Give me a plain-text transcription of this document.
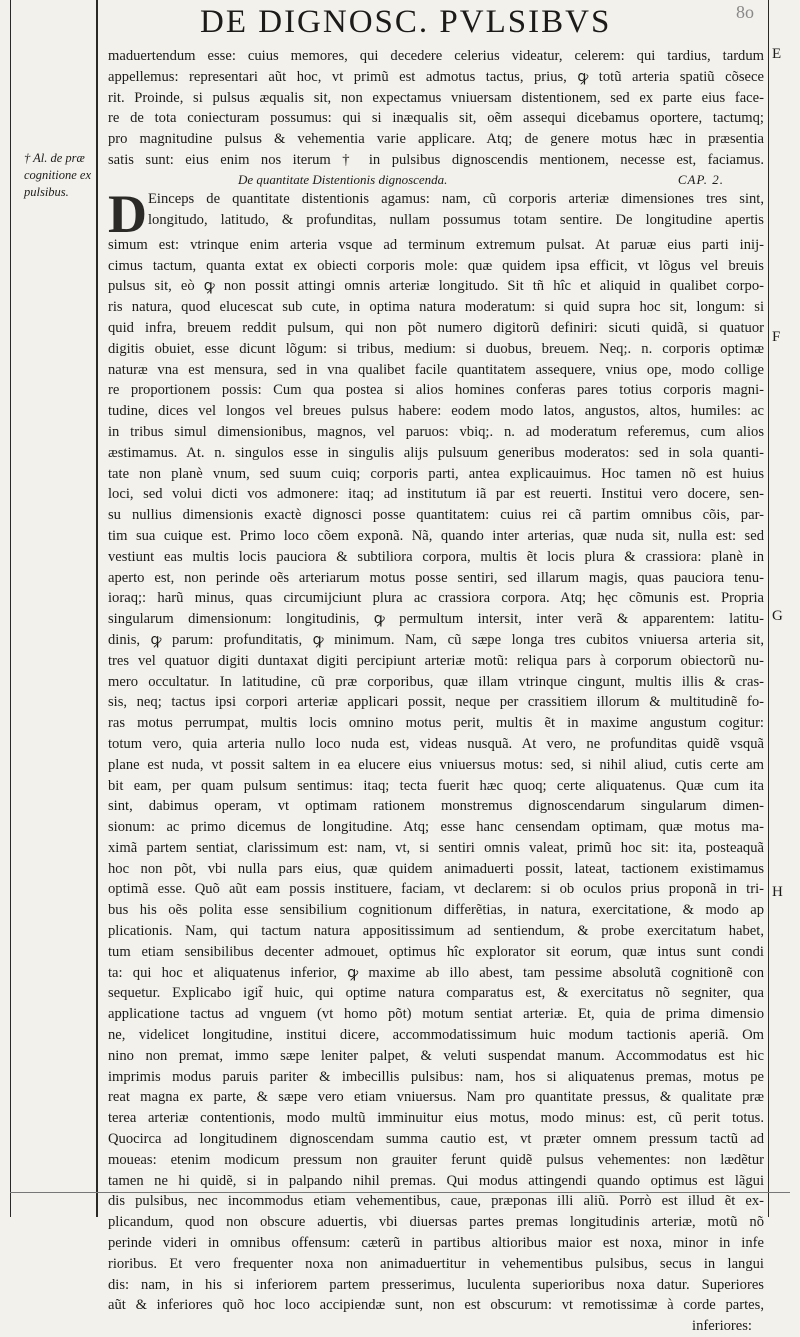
DE DIGNOSC. PVLSIBVS	8o
† Al. de præ cognitione ex pulsibus.
E
F
G
H
maduertendum esse: cuius memores, qui decedere celerius videatur, celerem: qui tardius, tardum
appellemus: representari aũt hoc, vt primũ est admotus tactus, prius, ꝙ totũ arteria spatiũ cõsece
rit. Proinde, si pulsus æqualis sit, non expectamus vniuersam distentionem, sed ex parte eius face-
re de tota coniecturam possumus: qui si inæqualis sit, oẽm assequi dicebamus oportere, tactumq;
pro magnitudine pulsus & vehementia varie applicare. Atq; de genere motus hæc in præsentia
satis sunt: eius enim nos iterum † in pulsibus dignoscendis mentionem, necesse est, faciamus.
De quantitate Distentionis dignoscenda.	CAP. 2.
D Einceps de quantitate distentionis agamus: nam, cũ corporis arteriæ dimensiones tres sint,
longitudo, latitudo, & profunditas, nullam possumus totam sentire. De longitudine apertis
simum est: vtrinque enim arteria vsque ad terminum extremum pulsat. At paruæ eius parti inij-
cimus tactum, quanta extat ex obiecti corporis mole: quæ quidem ipsa efficit, vt lõgus vel breuis
pulsus sit, eò ꝙ non possit attingi omnis arteriæ longitudo. Sit tñ hîc et aliquid in qualibet corpo-
ris natura, quod elucescat sub cute, in optima natura moderatum: si quid supra hoc sit, longum: si
quid infra, breuem reddit pulsum, qui non põt numero digitorũ definiri: sicuti quidã, si quatuor
digitis obuiet, esse dicunt lõgum: si tribus, medium: si duobus, breuem. Neq;. n. corporis optimæ
naturæ vna est mensura, sed in vna qualibet facile quantitatem assequere, vnius ope, modo collige
re proportionem possis: Cum qua postea si alios homines conferas pares totius corporis magni-
tudine, dices vel longos vel breues pulsus habere: eodem modo latos, angustos, altos, humiles: ac
in tribus simul dimensionibus, magnos, vel paruos: vbiq;. n. ad moderatum referemus, cum alios
æstimamus. At. n. singulos esse in singulis alijs pulsuum generibus moderatos: sed in sola quanti-
tate non planè vnum, sed suum cuiq; corporis parti, antea explicauimus. Hoc tamen nõ est huius
loci, sed volui dicti vos admonere: itaq; ad institutum iã par est reuerti. Institui vero docere, sen-
su nullius dimensionis exactè dignosci posse quantitatem: cuius rei cã partim omnibus cõis, par-
tim sua cuique est. Primo loco cõem exponã. Nã, quando inter arterias, quæ nuda sit, nulla est: sed
vestiunt eas multis locis pauciora & subtiliora corpora, multis ẽt locis plura & crassiora: planè in
aperto est, non perinde oẽs arteriarum motus posse sentiri, sed illarum magis, quas pauciora tenu-
ioraq;: harũ minus, quas circumijciunt plura ac crassiora corpora. Atq; hęc cõmunis est. Propria
singularum dimensionum: longitudinis, ꝙ permultum intersit, inter verã & apparentem: latitu-
dinis, ꝙ parum: profunditatis, ꝙ minimum. Nam, cũ sæpe longa tres cubitos vniuersa arteria sit,
tres vel quatuor digiti duntaxat digiti percipiunt arteriæ motũ: reliqua pars à corporum obiectorũ nu-
mero occultatur. In latitudine, cũ præ corporibus, quæ illam vtrinque cingunt, multis illis & cras-
sis, neq; tactus ipsi corpori arteriæ applicari possit, neque per crassitiem illorum & multitudinẽ fo-
ras motus perrumpat, multis locis omnino motus perit, multis ẽt in maxime angustum cogitur:
totum vero, quia arteria nullo loco nuda est, videas nusquã. At vero, ne profunditas quidẽ vsquã
plane est nuda, vt possit saltem in ea elucere eius vniuersus motus: sed, si nihil aliud, cutis certe am
bit eam, per quam pulsum sentimus: itaq; tecta fuerit hæc quoq; certe aliquatenus. Quæ cum ita
sint, dabimus operam, vt optimam rationem monstremus dignoscendarum singularum dimen-
sionum: ac primo dicemus de longitudine. Atq; esse hanc censendam optimam, quæ motus ma-
ximã partem sentiat, clarissimum est: nam, vt, si sentiri omnis valeat, primũ hoc sit: ita, posteaquã
hoc non põt, vbi nulla pars eius, quæ quidem animaduerti possit, lateat, tactionem existimamus
optimã esse. Quõ aũt eam possis instituere, faciam, vt declarem: si ob oculos prius proponã in tri-
bus his oẽs polita esse sensibilium cognitionum differẽtias, in natura, exercitatione, & modo ap
plicationis. Nam, qui tactum natura appositissimum ad sentiendum, & probe exercitatum habet,
tum etiam sensibilibus decenter admouet, optimus hîc explorator sit eorum, quæ intus sunt condi
ta: qui hoc et aliquatenus inferior, ꝙ maxime ab illo abest, tam pessime absolutã cognitionẽ con
sequetur. Explicabo igit̃ huic, qui optime natura comparatus est, & exercitatus nõ segniter, qua
applicatione tactus ad vnguem (vt homo põt) motum sentiat arteriæ. Et, quia de prima dimensio
ne, videlicet longitudine, institui dicere, accommodatissimum huic modum tactionis aperiã. Om
nino non premat, immo sæpe leniter palpet, & veluti suspendat manum. Accommodatus est hic
imprimis modus paruis pariter & imbecillis pulsibus: nam, hos si aliquatenus premas, motus pe
reat magna ex parte, & sæpe vero etiam vniuersus. Nam pro quantitate pressus, & qualitate præ
terea arteriæ contentionis, modo multũ imminuitur eius motus, modo minus: est, cũ perit totus.
Quocirca ad longitudinem dignoscendam summa cautio est, vt præter omnem pressum tactũ ad
moueas: etenim modicum pressum non grauiter ferunt quidẽ pulsus vehementes: non lædẽtur
tamen ne hi quidẽ, si in palpando nihil premas. Qui modus attingendi quando optimus est lãgui
dis pulsibus, nec incommodus etiam vehementibus, caue, præponas illi aliũ. Porrò est illud ẽt ex-
plicandum, quod non obscure aduertis, vbi diuersas partes premas longitudinis arteriæ, motũ nõ
perinde videri in omnibus offensum: cæterũ in partibus altioribus maior est noxa, minor in infe
rioribus. Et vero frequenter noxa non animaduertitur in vehementibus pulsibus, secus in langui
dis: nam, in his si inferiorem partem presserimus, luculenta superioribus noxa datur. Superiores
aũt & inferiores quõ hoc loco accipiendæ sunt, non est obscurum: vt remotissimæ à corde partes,
inferiores:
